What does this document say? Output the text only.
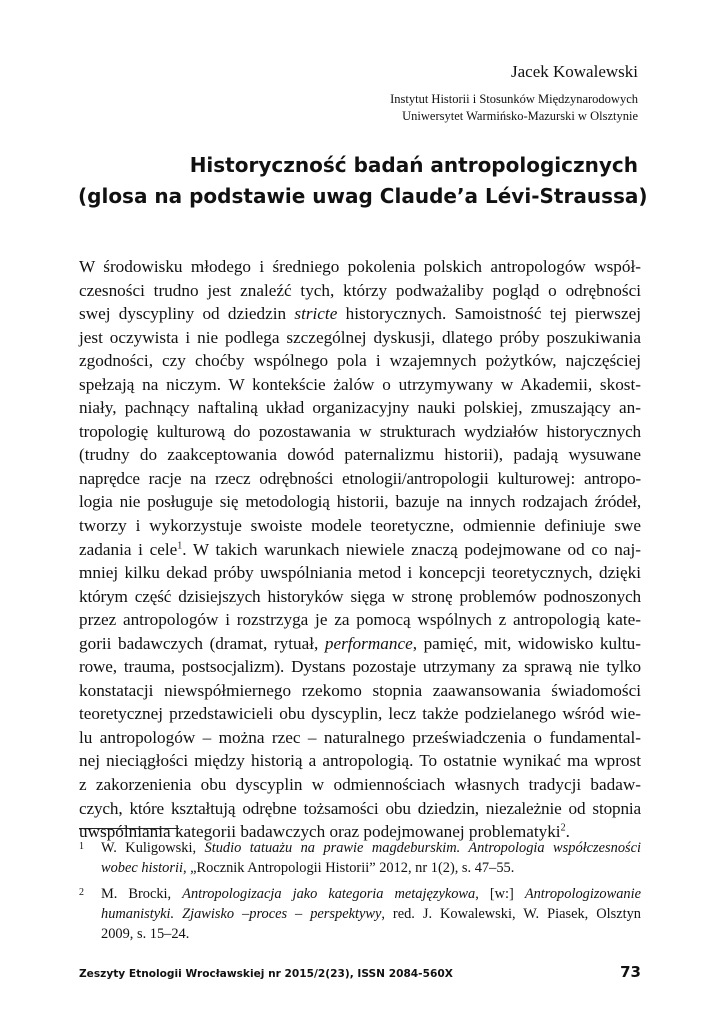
Jacek Kowalewski
Instytut Historii i Stosunków Międzynarodowych
Uniwersytet Warmińsko-Mazurski w Olsztynie
Historyczność badań antropologicznych
(glosa na podstawie uwag Claude’a Lévi-Straussa)
W środowisku młodego i średniego pokolenia polskich antropologów współ-
czesności trudno jest znaleźć tych, którzy podważaliby pogląd o odrębności
swej dyscypliny od dziedzin stricte historycznych. Samoistność tej pierwszej
jest oczywista i nie podlega szczególnej dyskusji, dlatego próby poszukiwania
zgodności, czy choćby wspólnego pola i wzajemnych pożytków, najczęściej
spełzają na niczym. W kontekście żalów o utrzymywany w Akademii, skost-
niały, pachnący naftaliną układ organizacyjny nauki polskiej, zmuszający an-
tropologię kulturową do pozostawania w strukturach wydziałów historycznych
(trudny do zaakceptowania dowód paternalizmu historii), padają wysuwane
naprędce racje na rzecz odrębności etnologii/antropologii kulturowej: antropo-
logia nie posługuje się metodologią historii, bazuje na innych rodzajach źródeł,
tworzy i wykorzystuje swoiste modele teoretyczne, odmiennie definiuje swe
zadania i cele$^1$. W takich warunkach niewiele znaczą podejmowane od co naj-
mniej kilku dekad próby uwspólniania metod i koncepcji teoretycznych, dzięki
którym część dzisiejszych historyków sięga w stronę problemów podnoszonych
przez antropologów i rozstrzyga je za pomocą wspólnych z antropologią kate-
gorii badawczych (dramat, rytuał, performance, pamięć, mit, widowisko kultu-
rowe, trauma, postsocjalizm). Dystans pozostaje utrzymany za sprawą nie tylko
konstatacji niewspółmiernego rzekomo stopnia zaawansowania świadomości
teoretycznej przedstawicieli obu dyscyplin, lecz także podzielanego wśród wie-
lu antropologów – można rzec – naturalnego przeświadczenia o fundamental-
nej nieciągłości między historią a antropologią. To ostatnie wynikać ma wprost
z zakorzenienia obu dyscyplin w odmiennościach własnych tradycji badaw-
czych, które kształtują odrębne tożsamości obu dziedzin, niezależnie od stopnia
uwspólniania kategorii badawczych oraz podejmowanej problematyki$^2$.
1 W. Kuligowski, Studio tatuażu na prawie magdeburskim. Antropologia współczesności
wobec historii, „Rocznik Antropologii Historii” 2012, nr 1(2), s. 47–55.
2 M. Brocki, Antropologizacja jako kategoria metajęzykowa, [w:] Antropologizowanie
humanistyki. Zjawisko –proces – perspektywy, red. J. Kowalewski, W. Piasek, Olsztyn
2009, s. 15–24.
Zeszyty Etnologii Wrocławskiej nr 2015/2(23), ISSN 2084-560X	73
